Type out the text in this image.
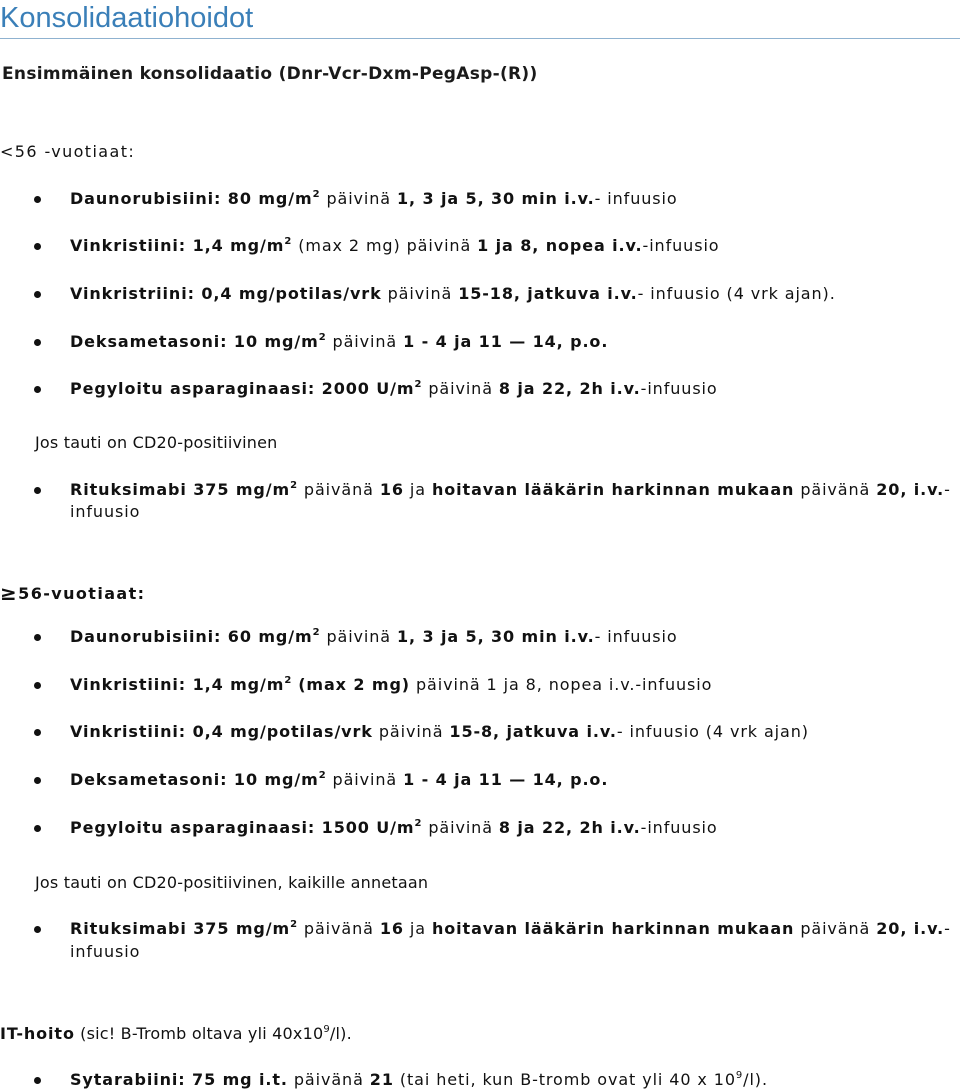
Konsolidaatiohoidot
Ensimmäinen konsolidaatio (Dnr-Vcr-Dxm-PegAsp-(R))
<56 -vuotiaat:
Daunorubisiini: 80 $mg/m^2$ päivinä 1, 3 ja 5, 30 min i.v.- infuusio
Vinkristiini: 1,4 $mg/m^2$ (max 2 mg) päivinä 1 ja 8, nopea i.v.-infuusio
Vinkristriini: 0,4 mg/potilas/vrk päivinä 15-18, jatkuva i.v.- infuusio (4 vrk ajan).
Deksametasoni: 10 $mg/m^2$ päivinä 1 - 4 ja 11 — 14, p.o.
Pegyloitu asparaginaasi: 2000 $U/m^2$ päivinä 8 ja 22, 2h i.v.-infuusio
Jos tauti on CD20-positiivinen
Rituksimabi 375 $mg/m^2$ päivänä 16 ja hoitavan lääkärin harkinnan mukaan päivänä 20, i.v.-
infuusio
≥56-vuotiaat:
Daunorubisiini: 60 $mg/m^2$ päivinä 1, 3 ja 5, 30 min i.v.- infuusio
Vinkristiini: 1,4 $mg/m^2$ (max 2 mg) päivinä 1 ja 8, nopea i.v.-infuusio
Vinkristiini: 0,4 mg/potilas/vrk päivinä 15-8, jatkuva i.v.- infuusio (4 vrk ajan)
Deksametasoni: 10 $mg/m^2$ päivinä 1 - 4 ja 11 — 14, p.o.
Pegyloitu asparaginaasi: 1500 $U/m^2$ päivinä 8 ja 22, 2h i.v.-infuusio
Jos tauti on CD20-positiivinen, kaikille annetaan
Rituksimabi 375 $mg/m^2$ päivänä 16 ja hoitavan lääkärin harkinnan mukaan päivänä 20, i.v.-
infuusio
IT-hoito (sic! B-Tromb oltava yli $40x10^9/l$).
Sytarabiini: 75 mg i.t. päivänä 21 (tai heti, kun B-tromb ovat yli 40 x $10^9/l$).
